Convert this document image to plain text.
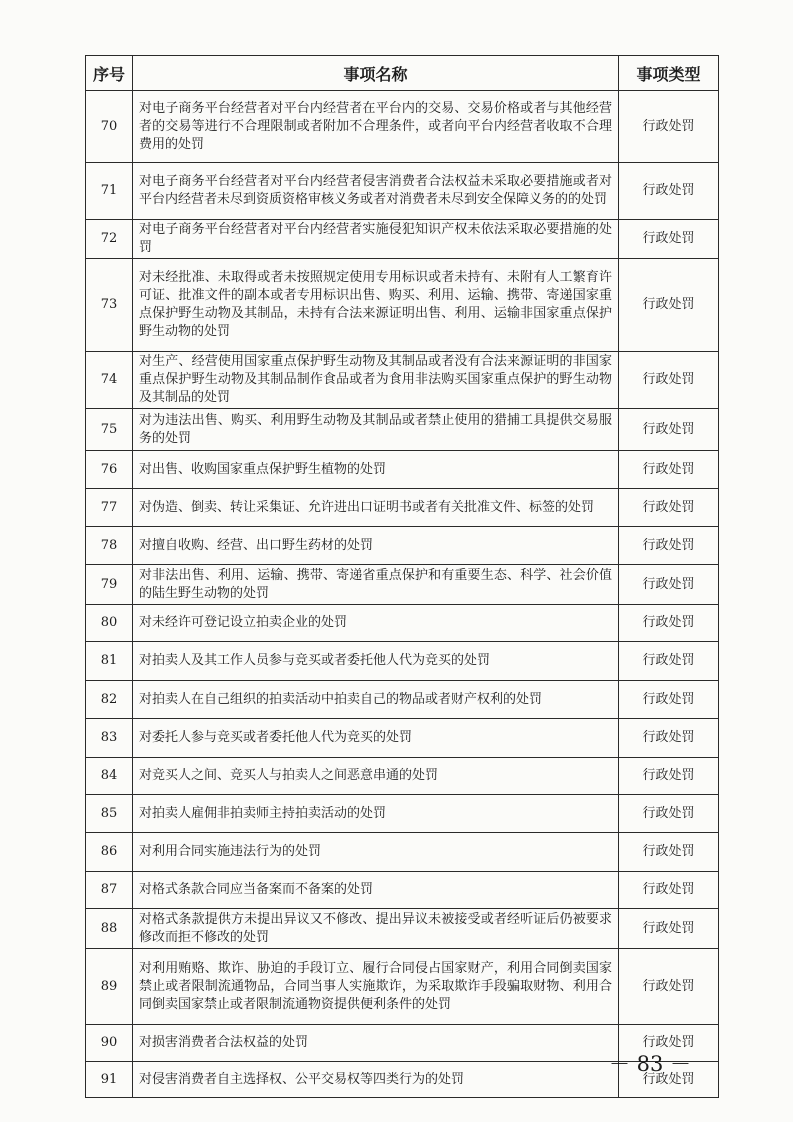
序号	事项名称	事项类型
70	对电子商务平台经营者对平台内经营者在平台内的交易、交易价格或者与其他经营者的交易等进行不合理限制或者附加不合理条件，或者向平台内经营者收取不合理费用的处罚	行政处罚
71	对电子商务平台经营者对平台内经营者侵害消费者合法权益未采取必要措施或者对平台内经营者未尽到资质资格审核义务或者对消费者未尽到安全保障义务的的处罚	行政处罚
72	对电子商务平台经营者对平台内经营者实施侵犯知识产权未依法采取必要措施的处罚	行政处罚
73	对未经批准、未取得或者未按照规定使用专用标识或者未持有、未附有人工繁育许可证、批准文件的副本或者专用标识出售、购买、利用、运输、携带、寄递国家重点保护野生动物及其制品，未持有合法来源证明出售、利用、运输非国家重点保护野生动物的处罚	行政处罚
74	对生产、经营使用国家重点保护野生动物及其制品或者没有合法来源证明的非国家重点保护野生动物及其制品制作食品或者为食用非法购买国家重点保护的野生动物及其制品的处罚	行政处罚
75	对为违法出售、购买、利用野生动物及其制品或者禁止使用的猎捕工具提供交易服务的处罚	行政处罚
76	对出售、收购国家重点保护野生植物的处罚	行政处罚
77	对伪造、倒卖、转让采集证、允许进出口证明书或者有关批准文件、标签的处罚	行政处罚
78	对擅自收购、经营、出口野生药材的处罚	行政处罚
79	对非法出售、利用、运输、携带、寄递省重点保护和有重要生态、科学、社会价值的陆生野生动物的处罚	行政处罚
80	对未经许可登记设立拍卖企业的处罚	行政处罚
81	对拍卖人及其工作人员参与竞买或者委托他人代为竞买的处罚	行政处罚
82	对拍卖人在自己组织的拍卖活动中拍卖自己的物品或者财产权利的处罚	行政处罚
83	对委托人参与竞买或者委托他人代为竞买的处罚	行政处罚
84	对竞买人之间、竞买人与拍卖人之间恶意串通的处罚	行政处罚
85	对拍卖人雇佣非拍卖师主持拍卖活动的处罚	行政处罚
86	对利用合同实施违法行为的处罚	行政处罚
87	对格式条款合同应当备案而不备案的处罚	行政处罚
88	对格式条款提供方未提出异议又不修改、提出异议未被接受或者经听证后仍被要求修改而拒不修改的处罚	行政处罚
89	对利用贿赂、欺诈、胁迫的手段订立、履行合同侵占国家财产，利用合同倒卖国家禁止或者限制流通物品，合同当事人实施欺诈，为采取欺诈手段骗取财物、利用合同倒卖国家禁止或者限制流通物资提供便利条件的处罚	行政处罚
90	对损害消费者合法权益的处罚	行政处罚
91	对侵害消费者自主选择权、公平交易权等四类行为的处罚	行政处罚
－ 83 －
